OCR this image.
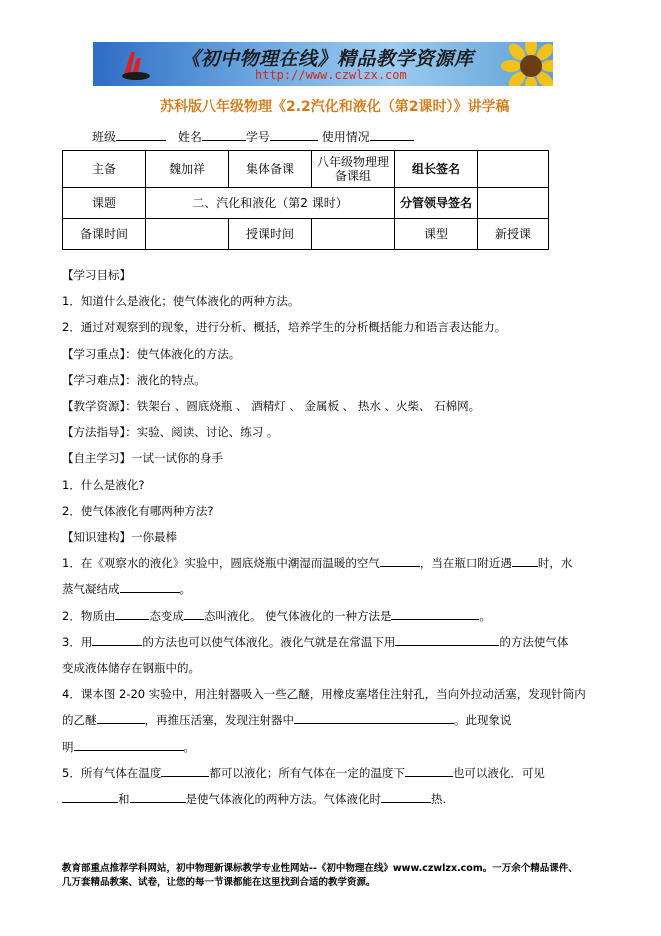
《初中物理在线》精品教学资源库
http://www.czwlzx.com
苏科版八年级物理《2.2汽化和液化（第2课时）》讲学稿
班级	姓名	学号	使用情况
主备	魏加祥	集体备课	八年级物理理备课组	组长签名	
课题	二、汽化和液化（第2 课时）			分管领导签名	
备课时间		授课时间		课型	新授课

【学习目标】

1．知道什么是液化；使气体液化的两种方法。

2．通过对观察到的现象，进行分析、概括，培养学生的分析概括能力和语言表达能力。

【学习重点】：使气体液化的方法。

【学习难点】：液化的特点。

【教学资源】：铁架台 、圆底烧瓶 、 酒精灯 、 金属板 、 热水 、火柴、 石棉网。

【方法指导】：实验、阅读、讨论、练习 。

【自主学习】一试一试你的身手

1．什么是液化?

2．使气体液化有哪两种方法?

【知识建构】一你最棒

1．在《观察水的液化》实验中，圆底烧瓶中潮湿而温暖的空气	，当在瓶口附近遇 时，水

蒸气凝结成	。

2．物质由	态变成 态叫液化。 使气体液化的一种方法是	。

3．用	的方法也可以使气体液化。液化气就是在常温下用	的方法使气体

变成液体储存在钢瓶中的。

4．课本图 2-20 实验中，用注射器吸入一些乙醚，用橡皮塞堵住注射孔，当向外拉动活塞，发现针筒内

的乙醚	，再推压活塞，发现注射器中	。此现象说

明	。

5．所有气体在温度	都可以液化；所有气体在一定的温度下	也可以液化．可见

和	是使气体液化的两种方法。气体液化时	热.

教育部重点推荐学科网站，初中物理新课标教学专业性网站--《初中物理在线》www.czwlzx.com。一万余个精品课件、

几万套精品教案、试卷，让您的每一节课都能在这里找到合适的教学资源。
